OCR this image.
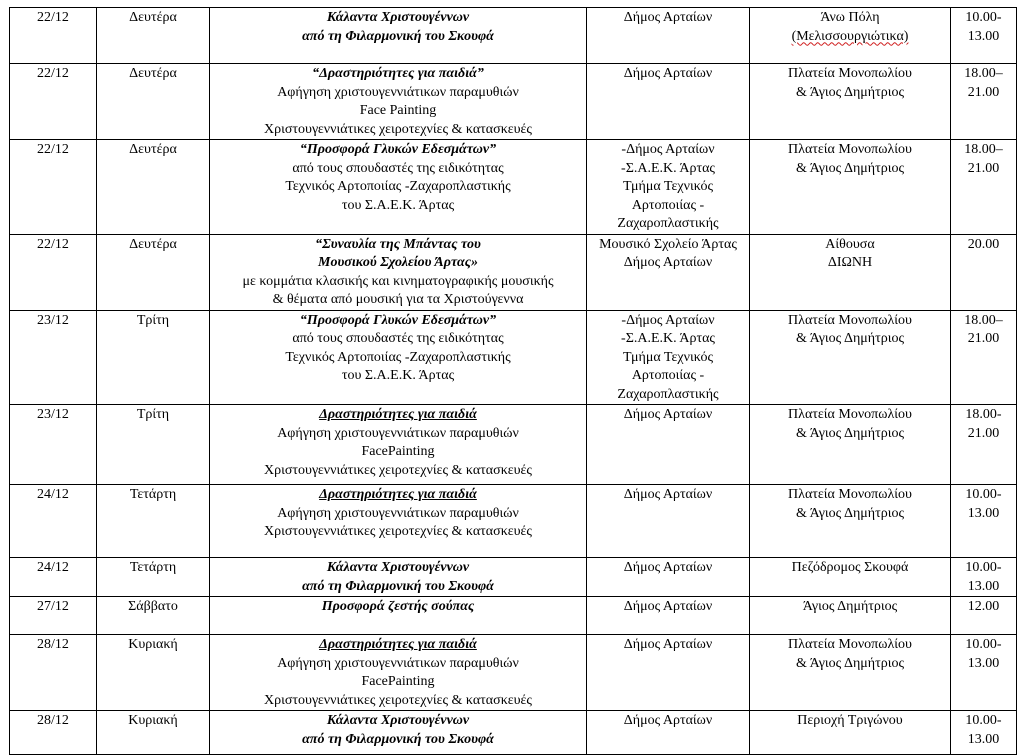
22/12	Δευτέρα	Κάλαντα Χριστουγέννων
από τη Φιλαρμονική του Σκουφά	Δήμος Αρταίων	Άνω Πόλη
(Μελισσουργιώτικα)	10.00-
13.00

22/12	Δευτέρα	“Δραστηριότητες για παιδιά”
Αφήγηση χριστουγεννιάτικων παραμυθιών
Face Painting
Χριστουγεννιάτικες χειροτεχνίες & κατασκευές	Δήμος Αρταίων	Πλατεία Μονοπωλίου
& Άγιος Δημήτριος	18.00–
21.00

22/12	Δευτέρα	“Προσφορά Γλυκών Εδεσμάτων”
από τους σπουδαστές της ειδικότητας
Τεχνικός Αρτοποιίας -Ζαχαροπλαστικής
του Σ.Α.Ε.Κ. Άρτας	-Δήμος Αρταίων
-Σ.Α.Ε.Κ. Άρτας
Τμήμα Τεχνικός
Αρτοποιίας -
Ζαχαροπλαστικής	Πλατεία Μονοπωλίου
& Άγιος Δημήτριος	18.00–
21.00

22/12	Δευτέρα	“Συναυλία της Μπάντας του
Μουσικού Σχολείου Άρτας»
με κομμάτια κλασικής και κινηματογραφικής μουσικής
& θέματα από μουσική για τα Χριστούγεννα	Μουσικό Σχολείο Άρτας
Δήμος Αρταίων	Αίθουσα
ΔΙΩΝΗ	20.00

23/12	Τρίτη	“Προσφορά Γλυκών Εδεσμάτων”
από τους σπουδαστές της ειδικότητας
Τεχνικός Αρτοποιίας -Ζαχαροπλαστικής
του Σ.Α.Ε.Κ. Άρτας	-Δήμος Αρταίων
-Σ.Α.Ε.Κ. Άρτας
Τμήμα Τεχνικός
Αρτοποιίας -
Ζαχαροπλαστικής	Πλατεία Μονοπωλίου
& Άγιος Δημήτριος	18.00–
21.00

23/12	Τρίτη	Δραστηριότητες για παιδιά
Αφήγηση χριστουγεννιάτικων παραμυθιών
FacePainting
Χριστουγεννιάτικες χειροτεχνίες & κατασκευές	Δήμος Αρταίων	Πλατεία Μονοπωλίου
& Άγιος Δημήτριος	18.00-
21.00

24/12	Τετάρτη	Δραστηριότητες για παιδιά
Αφήγηση χριστουγεννιάτικων παραμυθιών
Χριστουγεννιάτικες χειροτεχνίες & κατασκευές	Δήμος Αρταίων	Πλατεία Μονοπωλίου
& Άγιος Δημήτριος	10.00-
13.00

24/12	Τετάρτη	Κάλαντα Χριστουγέννων
από τη Φιλαρμονική του Σκουφά	Δήμος Αρταίων	Πεζόδρομος Σκουφά	10.00-
13.00

27/12	Σάββατο	Προσφορά ζεστής σούπας	Δήμος Αρταίων	Άγιος Δημήτριος	12.00

28/12	Κυριακή	Δραστηριότητες για παιδιά
Αφήγηση χριστουγεννιάτικων παραμυθιών
FacePainting
Χριστουγεννιάτικες χειροτεχνίες & κατασκευές	Δήμος Αρταίων	Πλατεία Μονοπωλίου
& Άγιος Δημήτριος	10.00-
13.00

28/12	Κυριακή	Κάλαντα Χριστουγέννων
από τη Φιλαρμονική του Σκουφά	Δήμος Αρταίων	Περιοχή Τριγώνου	10.00-
13.00
